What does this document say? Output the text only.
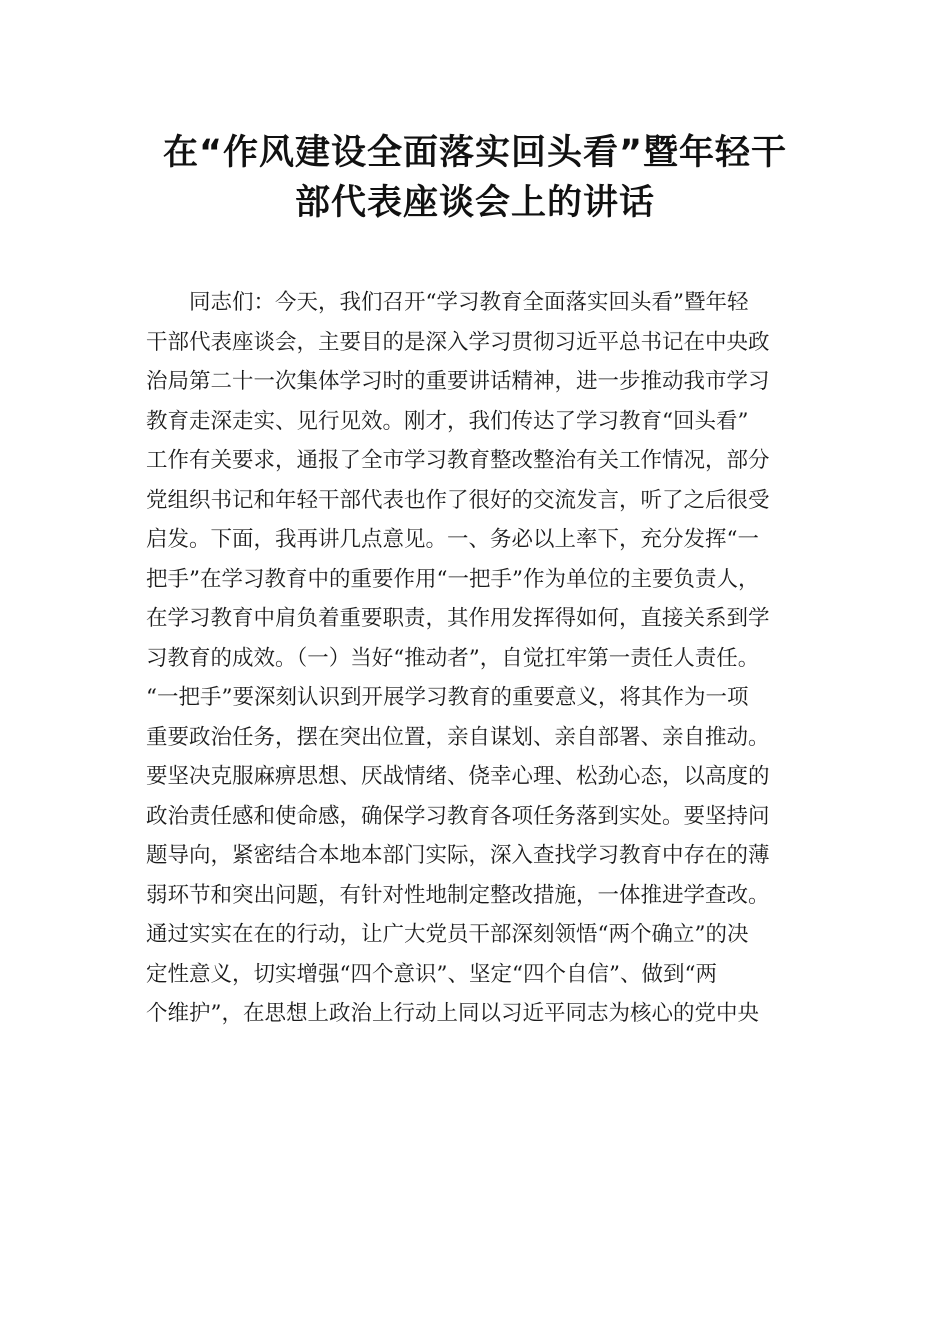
在“作风建设全面落实回头看”暨年轻干
部代表座谈会上的讲话
同志们：今天，我们召开“学习教育全面落实回头看”暨年轻
干部代表座谈会，主要目的是深入学习贯彻习近平总书记在中央政
治局第二十一次集体学习时的重要讲话精神，进一步推动我市学习
教育走深走实、见行见效。刚才，我们传达了学习教育“回头看”
工作有关要求，通报了全市学习教育整改整治有关工作情况，部分
党组织书记和年轻干部代表也作了很好的交流发言，听了之后很受
启发。下面，我再讲几点意见。一、务必以上率下，充分发挥“一
把手”在学习教育中的重要作用“一把手”作为单位的主要负责人，
在学习教育中肩负着重要职责，其作用发挥得如何，直接关系到学
习教育的成效。（一）当好“推动者”，自觉扛牢第一责任人责任。
“一把手”要深刻认识到开展学习教育的重要意义，将其作为一项
重要政治任务，摆在突出位置，亲自谋划、亲自部署、亲自推动。
要坚决克服麻痹思想、厌战情绪、侥幸心理、松劲心态，以高度的
政治责任感和使命感，确保学习教育各项任务落到实处。要坚持问
题导向，紧密结合本地本部门实际，深入查找学习教育中存在的薄
弱环节和突出问题，有针对性地制定整改措施，一体推进学查改。
通过实实在在的行动，让广大党员干部深刻领悟“两个确立”的决
定性意义，切实增强“四个意识”、坚定“四个自信”、做到“两
个维护”，在思想上政治上行动上同以习近平同志为核心的党中央
